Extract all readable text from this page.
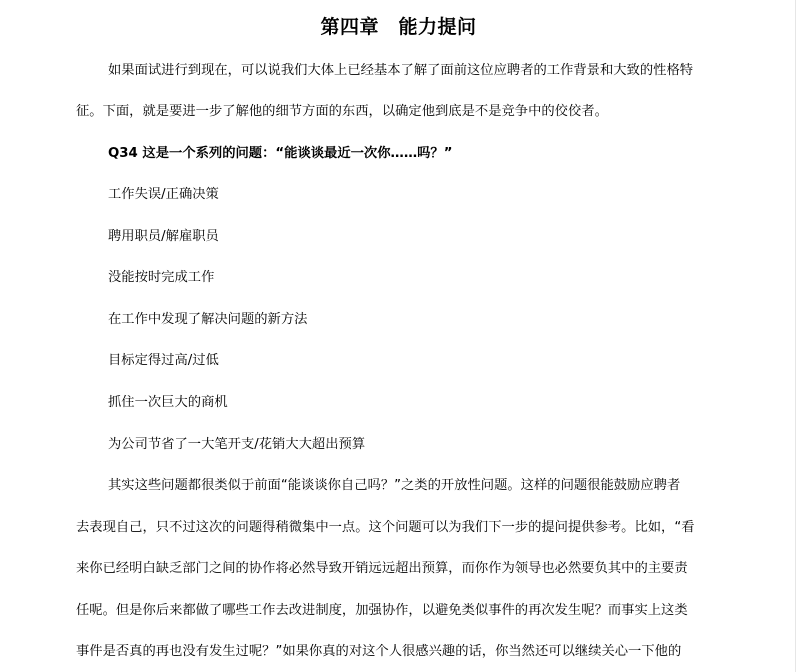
第四章　能力提问
如果面试进行到现在，可以说我们大体上已经基本了解了面前这位应聘者的工作背景和大致的性格特
征。下面，就是要进一步了解他的细节方面的东西，以确定他到底是不是竞争中的佼佼者。
Q34 这是一个系列的问题：“能谈谈最近一次你……吗？”
工作失误/正确决策
聘用职员/解雇职员
没能按时完成工作
在工作中发现了解决问题的新方法
目标定得过高/过低
抓住一次巨大的商机
为公司节省了一大笔开支/花销大大超出预算
其实这些问题都很类似于前面“能谈谈你自己吗？”之类的开放性问题。这样的问题很能鼓励应聘者
去表现自己，只不过这次的问题得稍微集中一点。这个问题可以为我们下一步的提问提供参考。比如，“看
来你已经明白缺乏部门之间的协作将必然导致开销远远超出预算，而你作为领导也必然要负其中的主要责
任呢。但是你后来都做了哪些工作去改进制度，加强协作，以避免类似事件的再次发生呢？而事实上这类
事件是否真的再也没有发生过呢？”如果你真的对这个人很感兴趣的话，你当然还可以继续关心一下他的
